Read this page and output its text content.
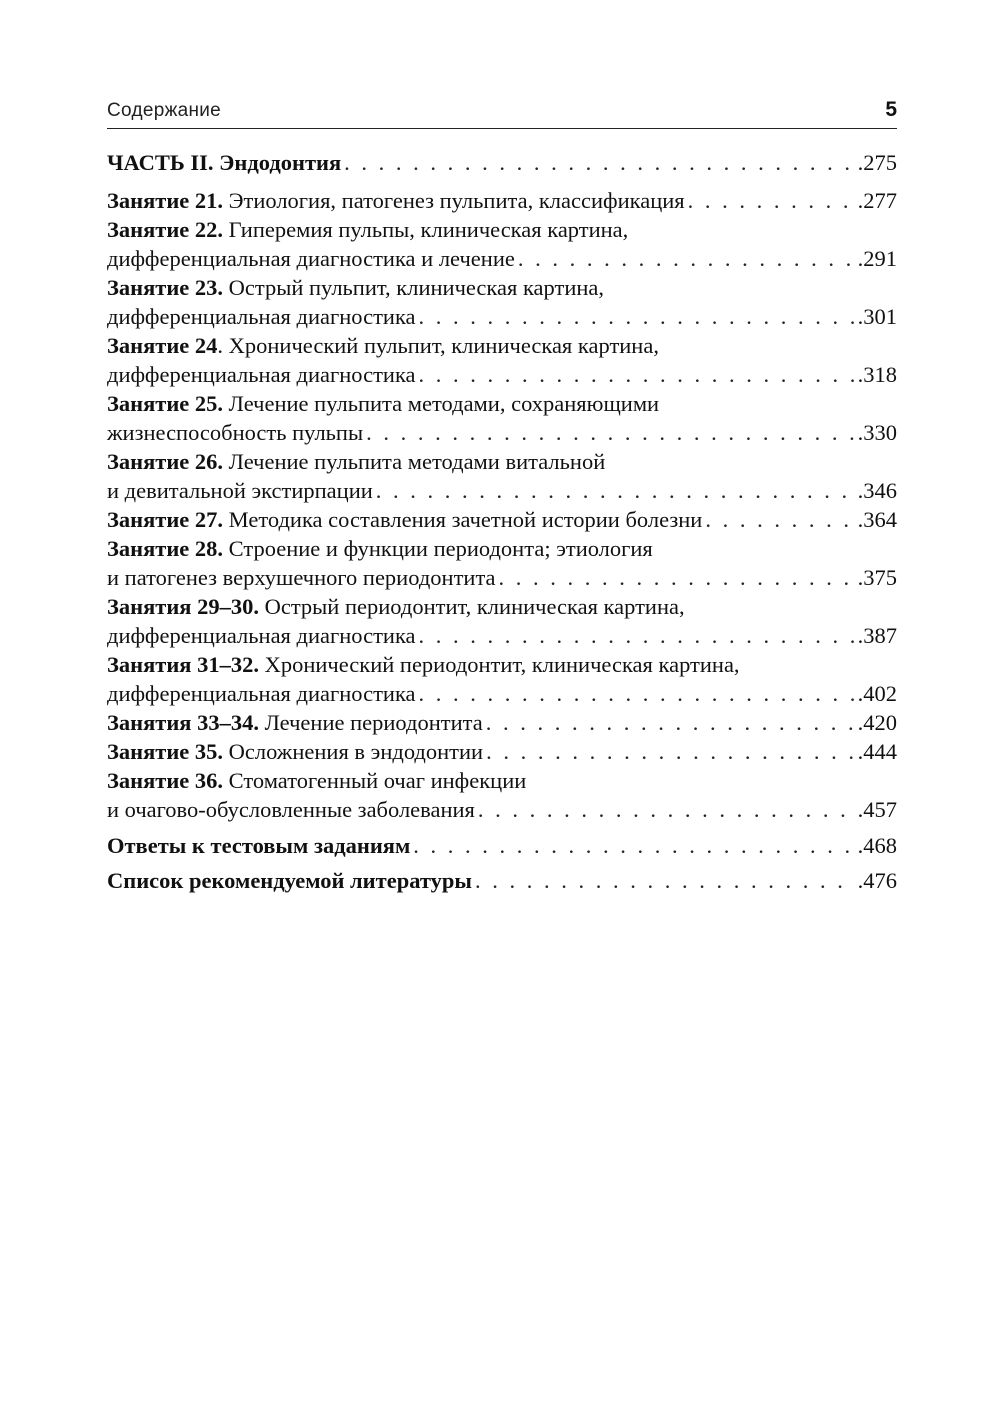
Содержание	5
ЧАСТЬ II. Эндодонтия . . .	.275
Занятие 21. Этиология, патогенез пульпита, классификация . . .	.277
Занятие 22. Гиперемия пульпы, клиническая картина,
дифференциальная диагностика и лечение . . .	.291
Занятие 23. Острый пульпит, клиническая картина,
дифференциальная диагностика . . .	.301
Занятие 24. Хронический пульпит, клиническая картина,
дифференциальная диагностика . . .	.318
Занятие 25. Лечение пульпита методами, сохраняющими
жизнеспособность пульпы . . .	.330
Занятие 26. Лечение пульпита методами витальной
и девитальной экстирпации . . .	.346
Занятие 27. Методика составления зачетной истории болезни . . .	.364
Занятие 28. Строение и функции периодонта; этиология
и патогенез верхушечного периодонтита . . .	.375
Занятия 29–30. Острый периодонтит, клиническая картина,
дифференциальная диагностика . . .	.387
Занятия 31–32. Хронический периодонтит, клиническая картина,
дифференциальная диагностика . . .	.402
Занятия 33–34. Лечение периодонтита . . .	.420
Занятие 35. Осложнения в эндодонтии . . .	.444
Занятие 36. Стоматогенный очаг инфекции
и очагово-обусловленные заболевания . . .	.457
Ответы к тестовым заданиям . . .	.468
Список рекомендуемой литературы . . .	.476
